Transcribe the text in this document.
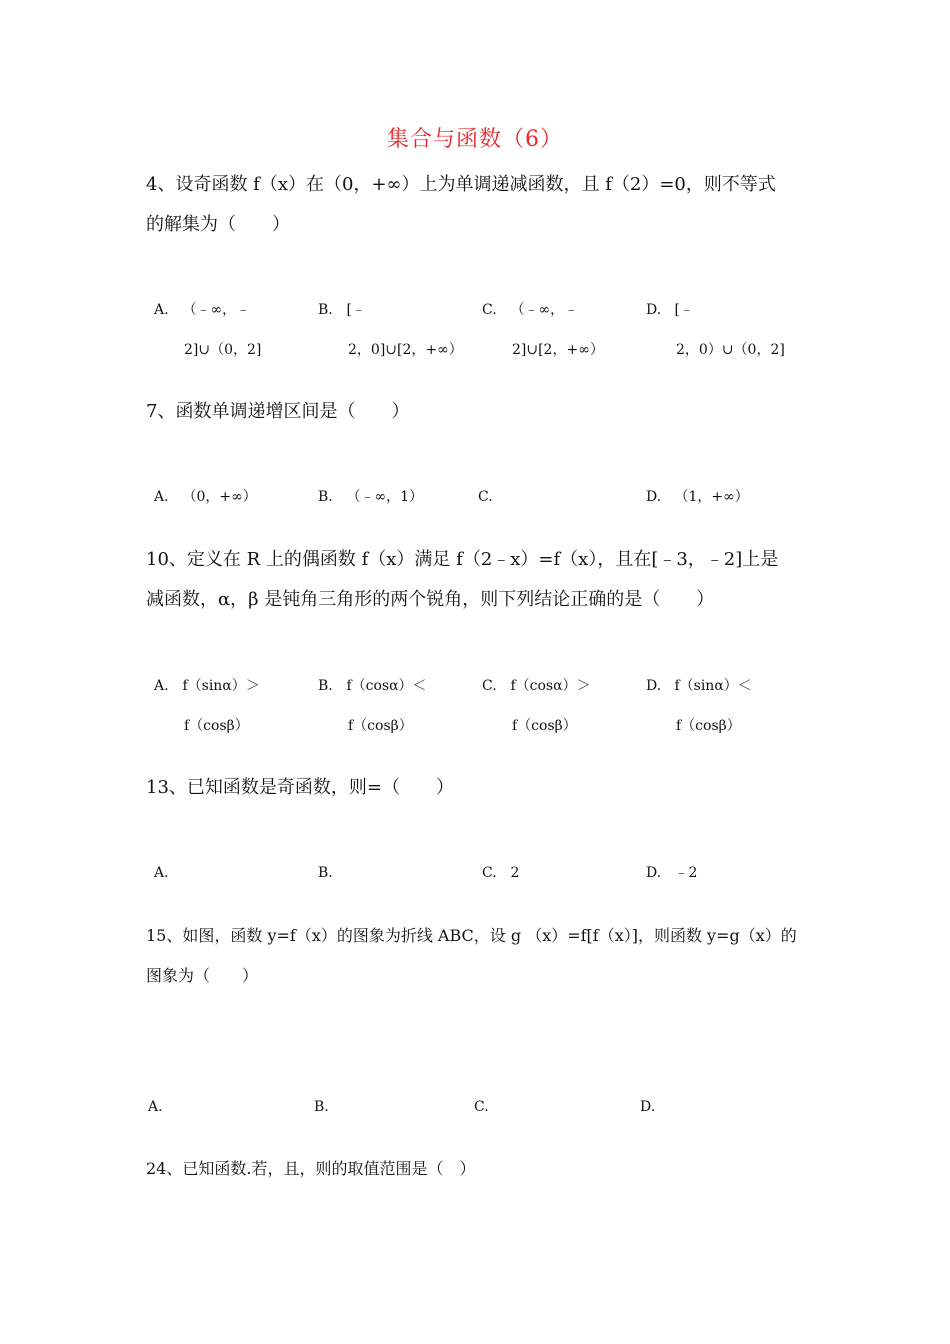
集合与函数（6）
4、设奇函数 f（x）在（0，+∞）上为单调递减函数，且 f（2）=0，则不等式
的解集为（　　）
A. （﹣∞，﹣
2]∪（0，2]
B. [﹣
2，0]∪[2，+∞）
C. （﹣∞，﹣
2]∪[2，+∞）
D. [﹣
2，0）∪（0，2]
7、函数单调递增区间是（　　）
A. （0，+∞）	B. （﹣∞，1）	C.	D. （1，+∞）
10、定义在 R 上的偶函数 f（x）满足 f（2﹣x）=f（x），且在[﹣3，﹣2]上是
减函数，α，β 是钝角三角形的两个锐角，则下列结论正确的是（　　）
A. f（sinα）＞
f（cosβ）
B. f（cosα）＜
f（cosβ）
C. f（cosα）＞
f（cosβ）
D. f（sinα）＜
f（cosβ）
13、已知函数是奇函数，则=（　　）
A.	B.	C. 2	D. ﹣2
15、如图，函数 y=f（x）的图象为折线 ABC，设 g （x）=f[f（x）]，则函数 y=g（x）的
图象为（　　）
A.	B.	C.	D.
24、已知函数.若，且，则的取值范围是（　）
